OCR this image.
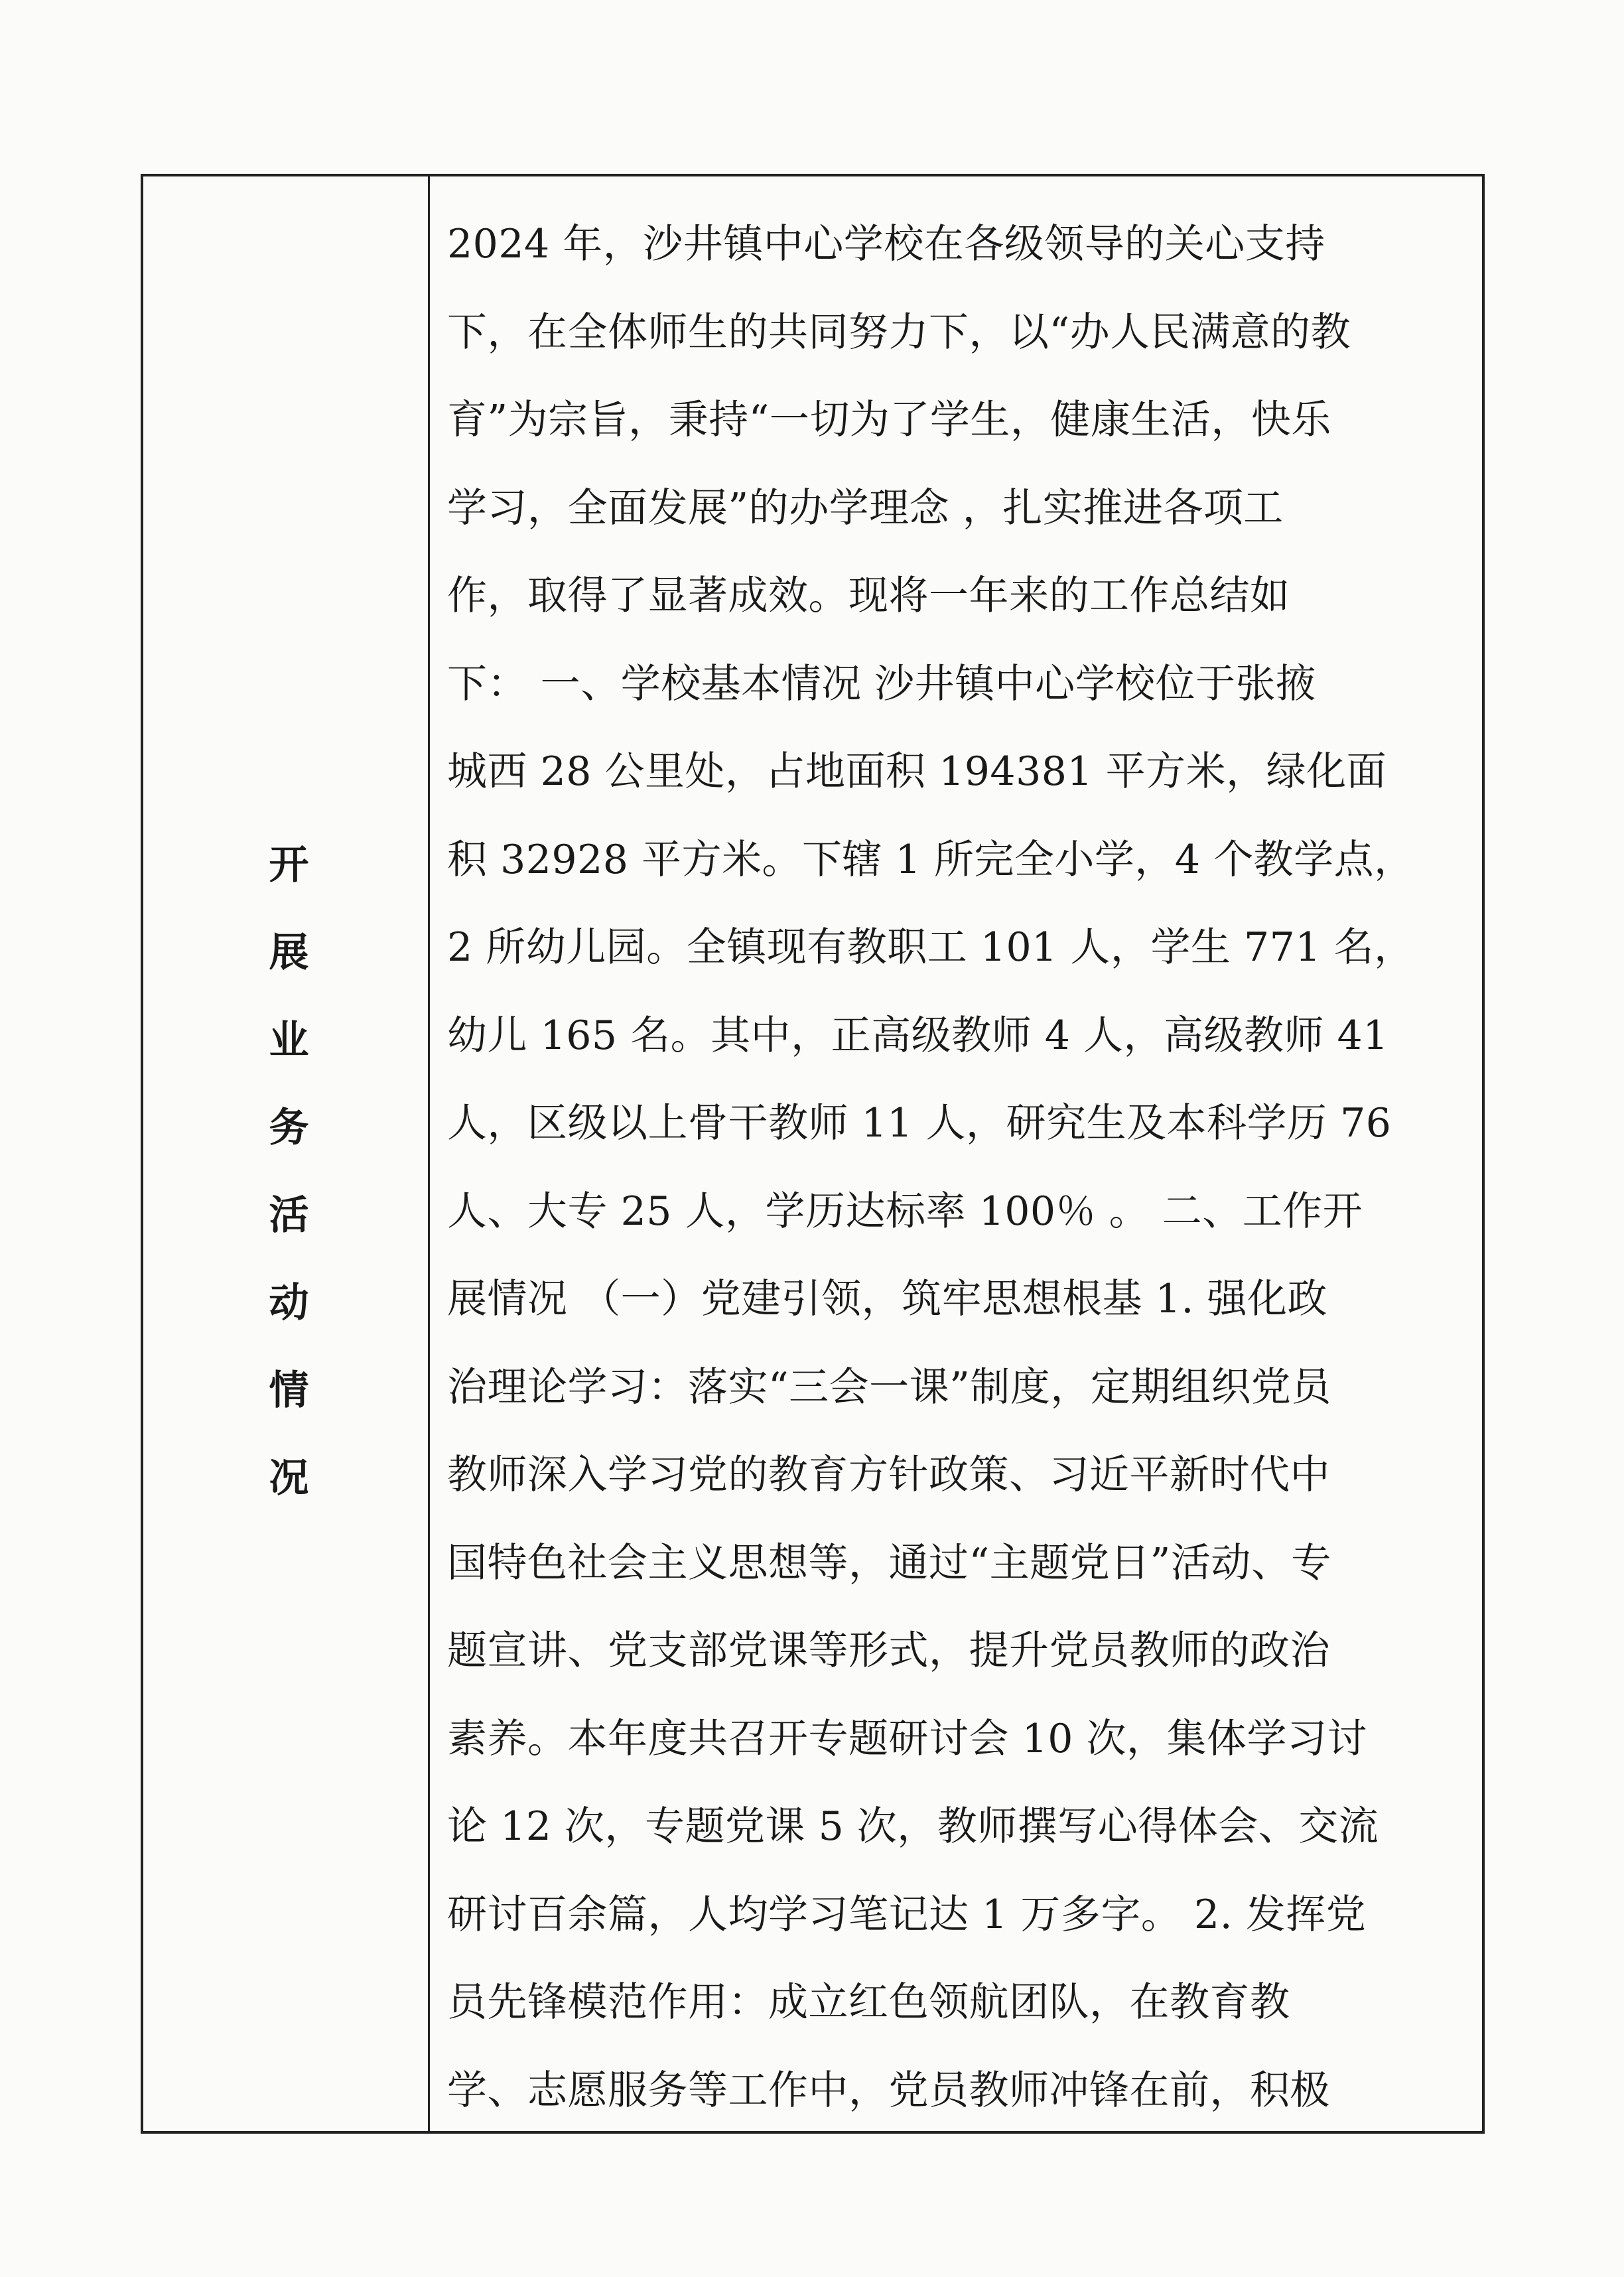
开展业务活动情况
2024 年，沙井镇中心学校在各级领导的关心支持
下，在全体师生的共同努力下，以“办人民满意的教
育”为宗旨，秉持“一切为了学生，健康生活，快乐
学习，全面发展”的办学理念 ，扎实推进各项工
作，取得了显著成效。现将一年来的工作总结如
下： 一、学校基本情况 沙井镇中心学校位于张掖
城西 28 公里处，占地面积 194381 平方米，绿化面
积 32928 平方米。下辖 1 所完全小学，4 个教学点，
2 所幼儿园。全镇现有教职工 101 人，学生 771 名，
幼儿 165 名。其中，正高级教师 4 人，高级教师 41
人，区级以上骨干教师 11 人，研究生及本科学历 76
人、大专 25 人，学历达标率 100％ 。 二、工作开
展情况 （一）党建引领，筑牢思想根基 1. 强化政
治理论学习：落实“三会一课”制度，定期组织党员
教师深入学习党的教育方针政策、习近平新时代中
国特色社会主义思想等，通过“主题党日”活动、专
题宣讲、党支部党课等形式，提升党员教师的政治
素养。本年度共召开专题研讨会 10 次，集体学习讨
论 12 次，专题党课 5 次，教师撰写心得体会、交流
研讨百余篇，人均学习笔记达 1 万多字。 2. 发挥党
员先锋模范作用：成立红色领航团队，在教育教
学、志愿服务等工作中，党员教师冲锋在前，积极
